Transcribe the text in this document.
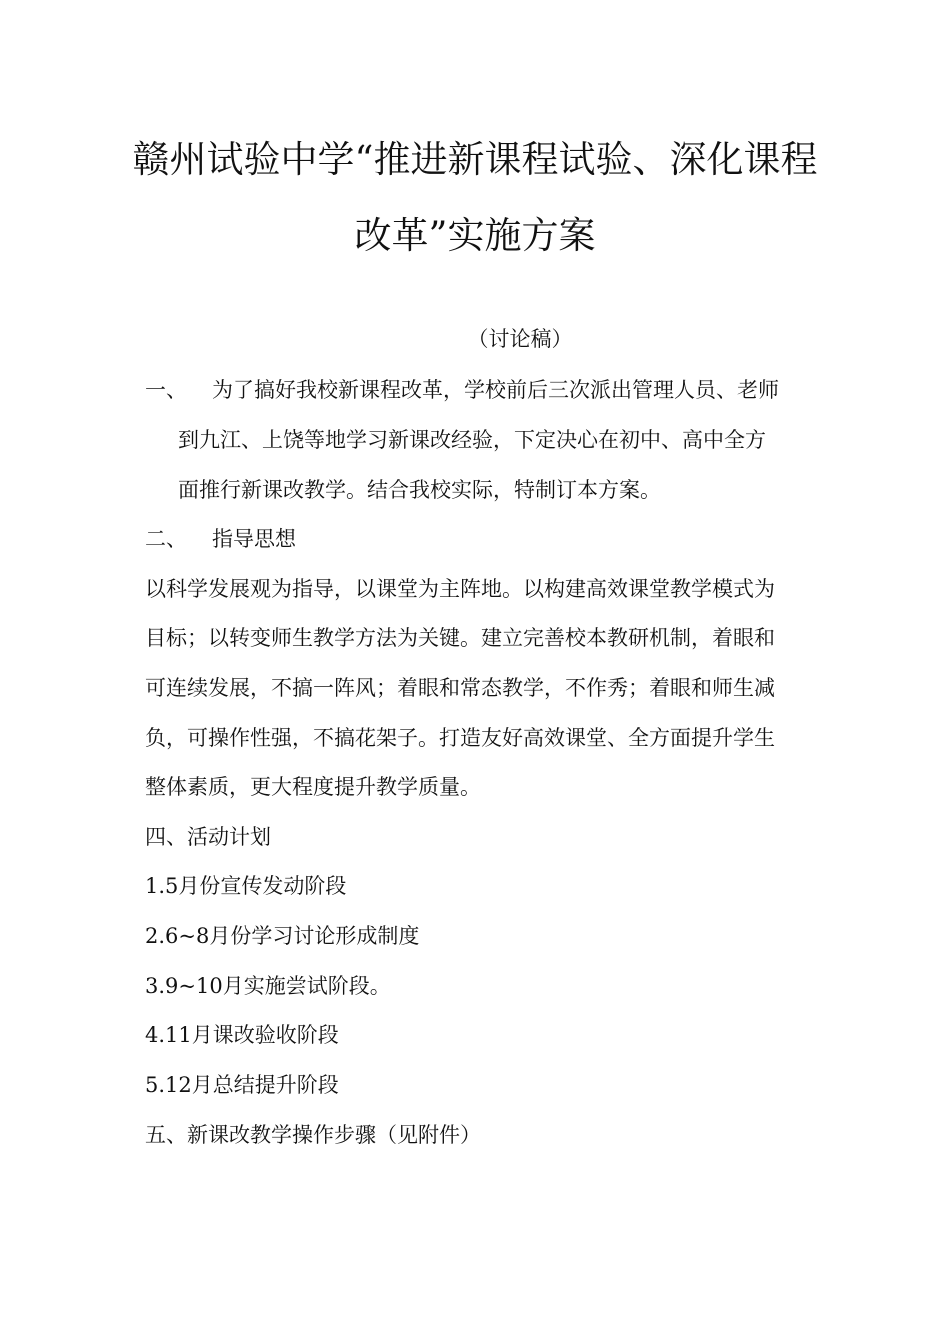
赣州试验中学“推进新课程试验、深化课程
改革”实施方案
（讨论稿）
一、 为了搞好我校新课程改革，学校前后三次派出管理人员、老师
到九江、上饶等地学习新课改经验，下定决心在初中、高中全方
面推行新课改教学。结合我校实际，特制订本方案。
二、 指导思想
以科学发展观为指导，以课堂为主阵地。以构建高效课堂教学模式为
目标；以转变师生教学方法为关键。建立完善校本教研机制，着眼和
可连续发展，不搞一阵风；着眼和常态教学，不作秀；着眼和师生减
负，可操作性强，不搞花架子。打造友好高效课堂、全方面提升学生
整体素质，更大程度提升教学质量。
四、活动计划
1.5月份宣传发动阶段
2.6~8月份学习讨论形成制度
3.9~10月实施尝试阶段。
4.11月课改验收阶段
5.12月总结提升阶段
五、新课改教学操作步骤（见附件）
